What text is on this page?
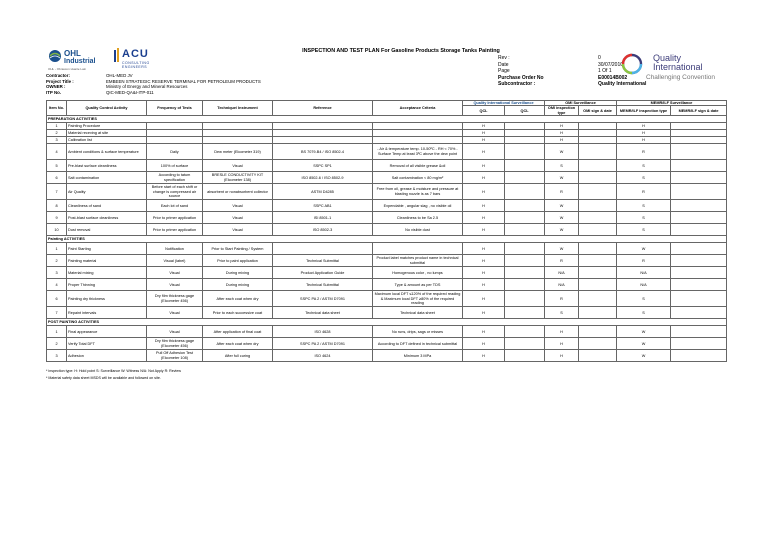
OHL
Industrial
OHL - Obrascon Huarte Lain
ACU
CONSULTING ENGINEERS
INSPECTION AND TEST PLAN For Gasoline Products Storage Tanks Painting
Rev :	0
Date	30/07/2010
Page	1 Of 1
Purchase Order No	E00014B002
Subcontractor :	Quality International
Quality
International
Challenging Convention
Contractor:	OHL-MED JV
Project Title :	EMBEEN STRATEGIC RESERVE TERMINAL FOR PETROLEUM PRODUCTS
OWNER :	Ministry of Energy and Mineral Resources
ITP No.	QIC-MED-QA&I-ITP-011
Item No.	Quality Control Activity	Frequency of Tests	Technique/ Instrument	Reference	Acceptance Criteria	Quality International Surveillance		OMI Surveillance		MEMR/ILF Surveillance	
						QCL	QCL	OMI inspection type	OMI sign & date	MEMR/ILF inspection type	MEMR/ILF sign & date
PREPARATION ACTIVITIES											
1	Painting Procedure					H		H		H	
2	Material receving at site					H		H		H	
3	Calibration list					H		H		H	
4	Ambient conditions & surface temperature	Daily	Dew meter (Elcometer 319)	BS 7079-B4 / ISO 8502-4	- Air & temperature temp. 10-50ºC - RH < 70% - Surface Temp at least 3ºC above the dew point	H		W		R	
5	Pre-blast surface cleanliness	100% of surface	Visual	SSPC SP1	Removal of all visible grease &oil	H		S		S	
6	Salt contamination	According to tatum specification	BRESLE CONDUCTIVITY KIT (Elcometer 138)	ISO 8502-6 / ISO 8502-9	Salt contamination < 80 mg/m²	H		W		S	
7	Air Quality	Before start of each shift or change is compressed air source	absorbent or nonabsorbent collector	ASTM D4285	Free from oil, grease & moisture and pressure at blasting nozzle is as 7 bars	H		R		R	
8	Cleanliness of sand	Each lot of sand	Visual	SSPC AB1	Expendable , angular slag , no visible oil	H		W		S	
9	Post-blast surface cleanliness	Prior to primer application	Visual	ISI 8501-1	Cleanliness to be Sa 2.5	H		W		S	
10	Dust removal	Prior to primer application	Visual	ISO 8502-3	No visible dust	H		W		S	
Painting ACTIVITIES											
1	Paint Starting	Notification	Prior to Start Painting / System			H		W		W	
2	Painting material	Visual (label)	Prior to paint application	Technical Submittal	Product label matches product name in technical submittal	H		R		R	
3	Material mixing	Visual	During mixing	Product Application Guide	Homogenous color , no lumps	H		N/A		N/A	
4	Proper Thinning	Visual	During mixing	Technical Submittal	Type & amount as per TDS	H		N/A		N/A	
6	Painting dry thickness	Dry film thickness gage (Elcometer 456)	After each coat when dry	SSPC PA 2 / ASTM D7091	Maximum local DFT ≤120% of the required reading & Maximum local DFT ≥80% of the required reading	H		R		S	
7	Repaint intervals	Visual	Prior to each successive coat	Technical data sheet	Technical data sheet	H		S		S	
POST PAINTING ACTIVITIES											
1	Final appearance	Visual	After application of final coat	ISO 4628	No runs, drips, sags or misses	H		H		W	
2	Verify Total DFT	Dry film thickness gage (Elcometer 456)	After each coat when dry	SSPC PA 2 / ASTM D7091	According to DFT defined in technical submittal	H		H		W	
3	Adhesion	Pull Off Adhesion Test (Elcometer 108)	After full curing	ISO 4624	Minimum 3 MPa	H		H		W	
* inspection type: H: Hold point S: Surveillance W: Witness N/A: Not Apply R: Review
* Material safety data sheet MSDS will be available and followed on site.
